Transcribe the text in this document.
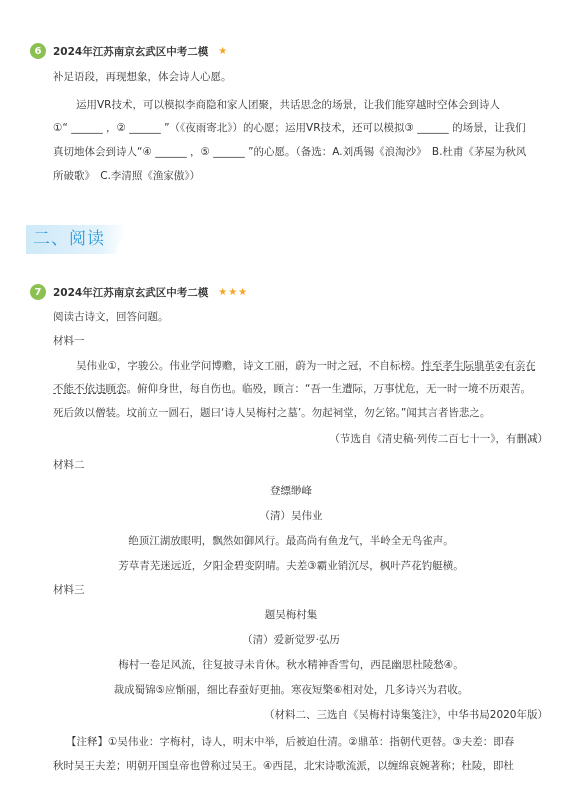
6	2024年江苏南京玄武区中考二模 ★
补足语段，再现想象，体会诗人心愿。
运用VR技术，可以模拟李商隐和家人团聚，共话思念的场景，让我们能穿越时空体会到诗人
①“ ______ ，② ______ ”（《夜雨寄北》）的心愿；运用VR技术，还可以模拟③ ______ 的场景，让我们
真切地体会到诗人“④ ______ ，⑤ ______ ”的心愿。（备选：A.刘禹锡《浪淘沙》　B.杜甫《茅屋为秋风
所破歌》　C.李清照《渔家傲》）
二、阅读
7	2024年江苏南京玄武区中考二模 ★★★
阅读古诗文，回答问题。
材料一
吴伟业①，字骏公。伟业学问博赡，诗文工丽，蔚为一时之冠，不自标榜。性至孝生际鼎革②有亲在
不能不依违顾恋。俯仰身世，每自伤也。临殁，顾言：“吾一生遭际，万事忧危，无一时一境不历艰苦。
死后敛以僧装。坟前立一圆石，题曰‘诗人吴梅村之墓’。勿起祠堂，勿乞铭。”闻其言者皆悲之。
（节选自《清史稿·列传二百七十一》，有删减）
材料二
登缥缈峰
（清）吴伟业
绝顶江湖放眼明，飘然如御风行。最高尚有鱼龙气，半岭全无鸟雀声。
芳草青芜迷远近，夕阳金碧变阴晴。夫差③霸业销沉尽，枫叶芦花钓艇横。
材料三
题吴梅村集
（清）爱新觉罗·弘历
梅村一卷足风流，往复披寻未肯休。秋水精神香雪句，西昆幽思杜陵愁④。
裁成蜀锦⑤应惭丽，细比春蚕好更抽。寒夜短檠⑥相对处，几多诗兴为君收。
（材料二、三选自《吴梅村诗集笺注》，中华书局2020年版）
【注释】①吴伟业：字梅村，诗人，明末中举，后被迫仕清。②鼎革：指朝代更替。③夫差：即春
秋时吴王夫差；明朝开国皇帝也曾称过吴王。④西昆，北宋诗歌流派，以缠绵哀婉著称；杜陵，即杜
